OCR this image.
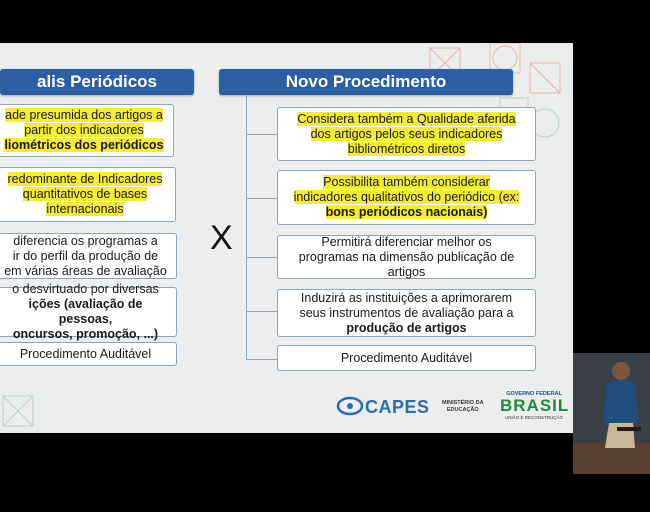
alis Periódicos	Novo Procedimento
ade presumida dos artigos a
partir dos indicadores
liométricos dos periódicos
redominante de Indicadores
quantitativos de bases
internacionais
diferencia os programas a
ir do perfil da produção de
em várias áreas de avaliação
o desvirtuado por diversas
ições (avaliação de pessoas,
oncursos, promoção, ...)
Procedimento Auditável
X
Considera também a Qualidade aferida
dos artigos pelos seus indicadores
bibliométricos diretos
Possibilita também considerar
indicadores qualitativos do periódico (ex:
bons periódicos nacionais)
Permitirá diferenciar melhor os
programas na dimensão publicação de
artigos
Induzirá as instituições a aprimorarem
seus instrumentos de avaliação para a
produção de artigos
Procedimento Auditável
CAPES MINISTÉRIO DA
EDUCAÇÃO
GOVERNO FEDERAL
BRASIL
UNIÃO E RECONSTRUÇÃO
